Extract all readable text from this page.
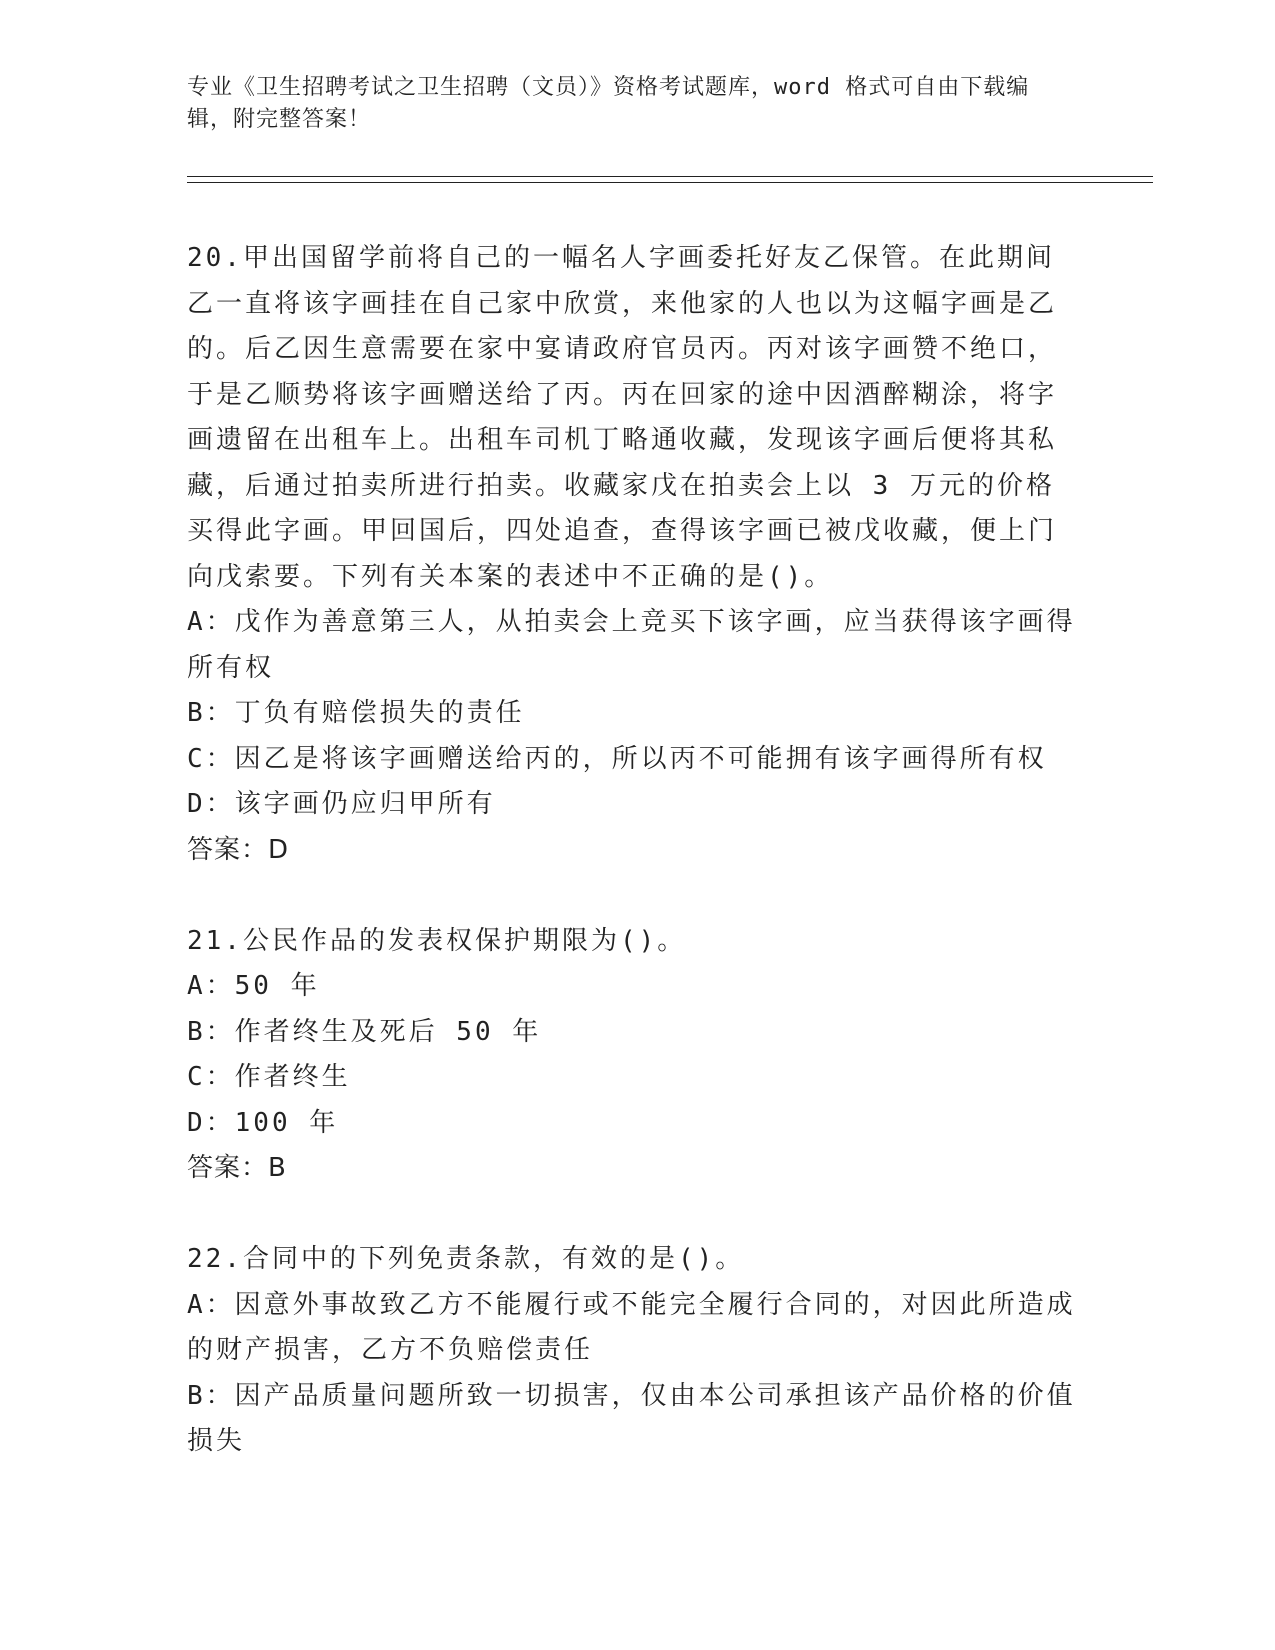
专业《卫生招聘考试之卫生招聘（文员）》资格考试题库，word 格式可自由下载编辑，附完整答案！

20.甲出国留学前将自己的一幅名人字画委托好友乙保管。在此期间乙一直将该字画挂在自己家中欣赏，来他家的人也以为这幅字画是乙的。后乙因生意需要在家中宴请政府官员丙。丙对该字画赞不绝口，于是乙顺势将该字画赠送给了丙。丙在回家的途中因酒醉糊涂，将字画遗留在出租车上。出租车司机丁略通收藏，发现该字画后便将其私藏，后通过拍卖所进行拍卖。收藏家戊在拍卖会上以 3 万元的价格买得此字画。甲回国后，四处追查，查得该字画已被戊收藏，便上门向戊索要。下列有关本案的表述中不正确的是()。

A：戊作为善意第三人，从拍卖会上竞买下该字画，应当获得该字画得所有权

B：丁负有赔偿损失的责任

C：因乙是将该字画赠送给丙的，所以丙不可能拥有该字画得所有权

D：该字画仍应归甲所有

答案：D

21.公民作品的发表权保护期限为()。

A：50 年

B：作者终生及死后 50 年

C：作者终生

D：100 年

答案：B

22.合同中的下列免责条款，有效的是()。

A：因意外事故致乙方不能履行或不能完全履行合同的，对因此所造成的财产损害，乙方不负赔偿责任

B：因产品质量问题所致一切损害，仅由本公司承担该产品价格的价值损失
